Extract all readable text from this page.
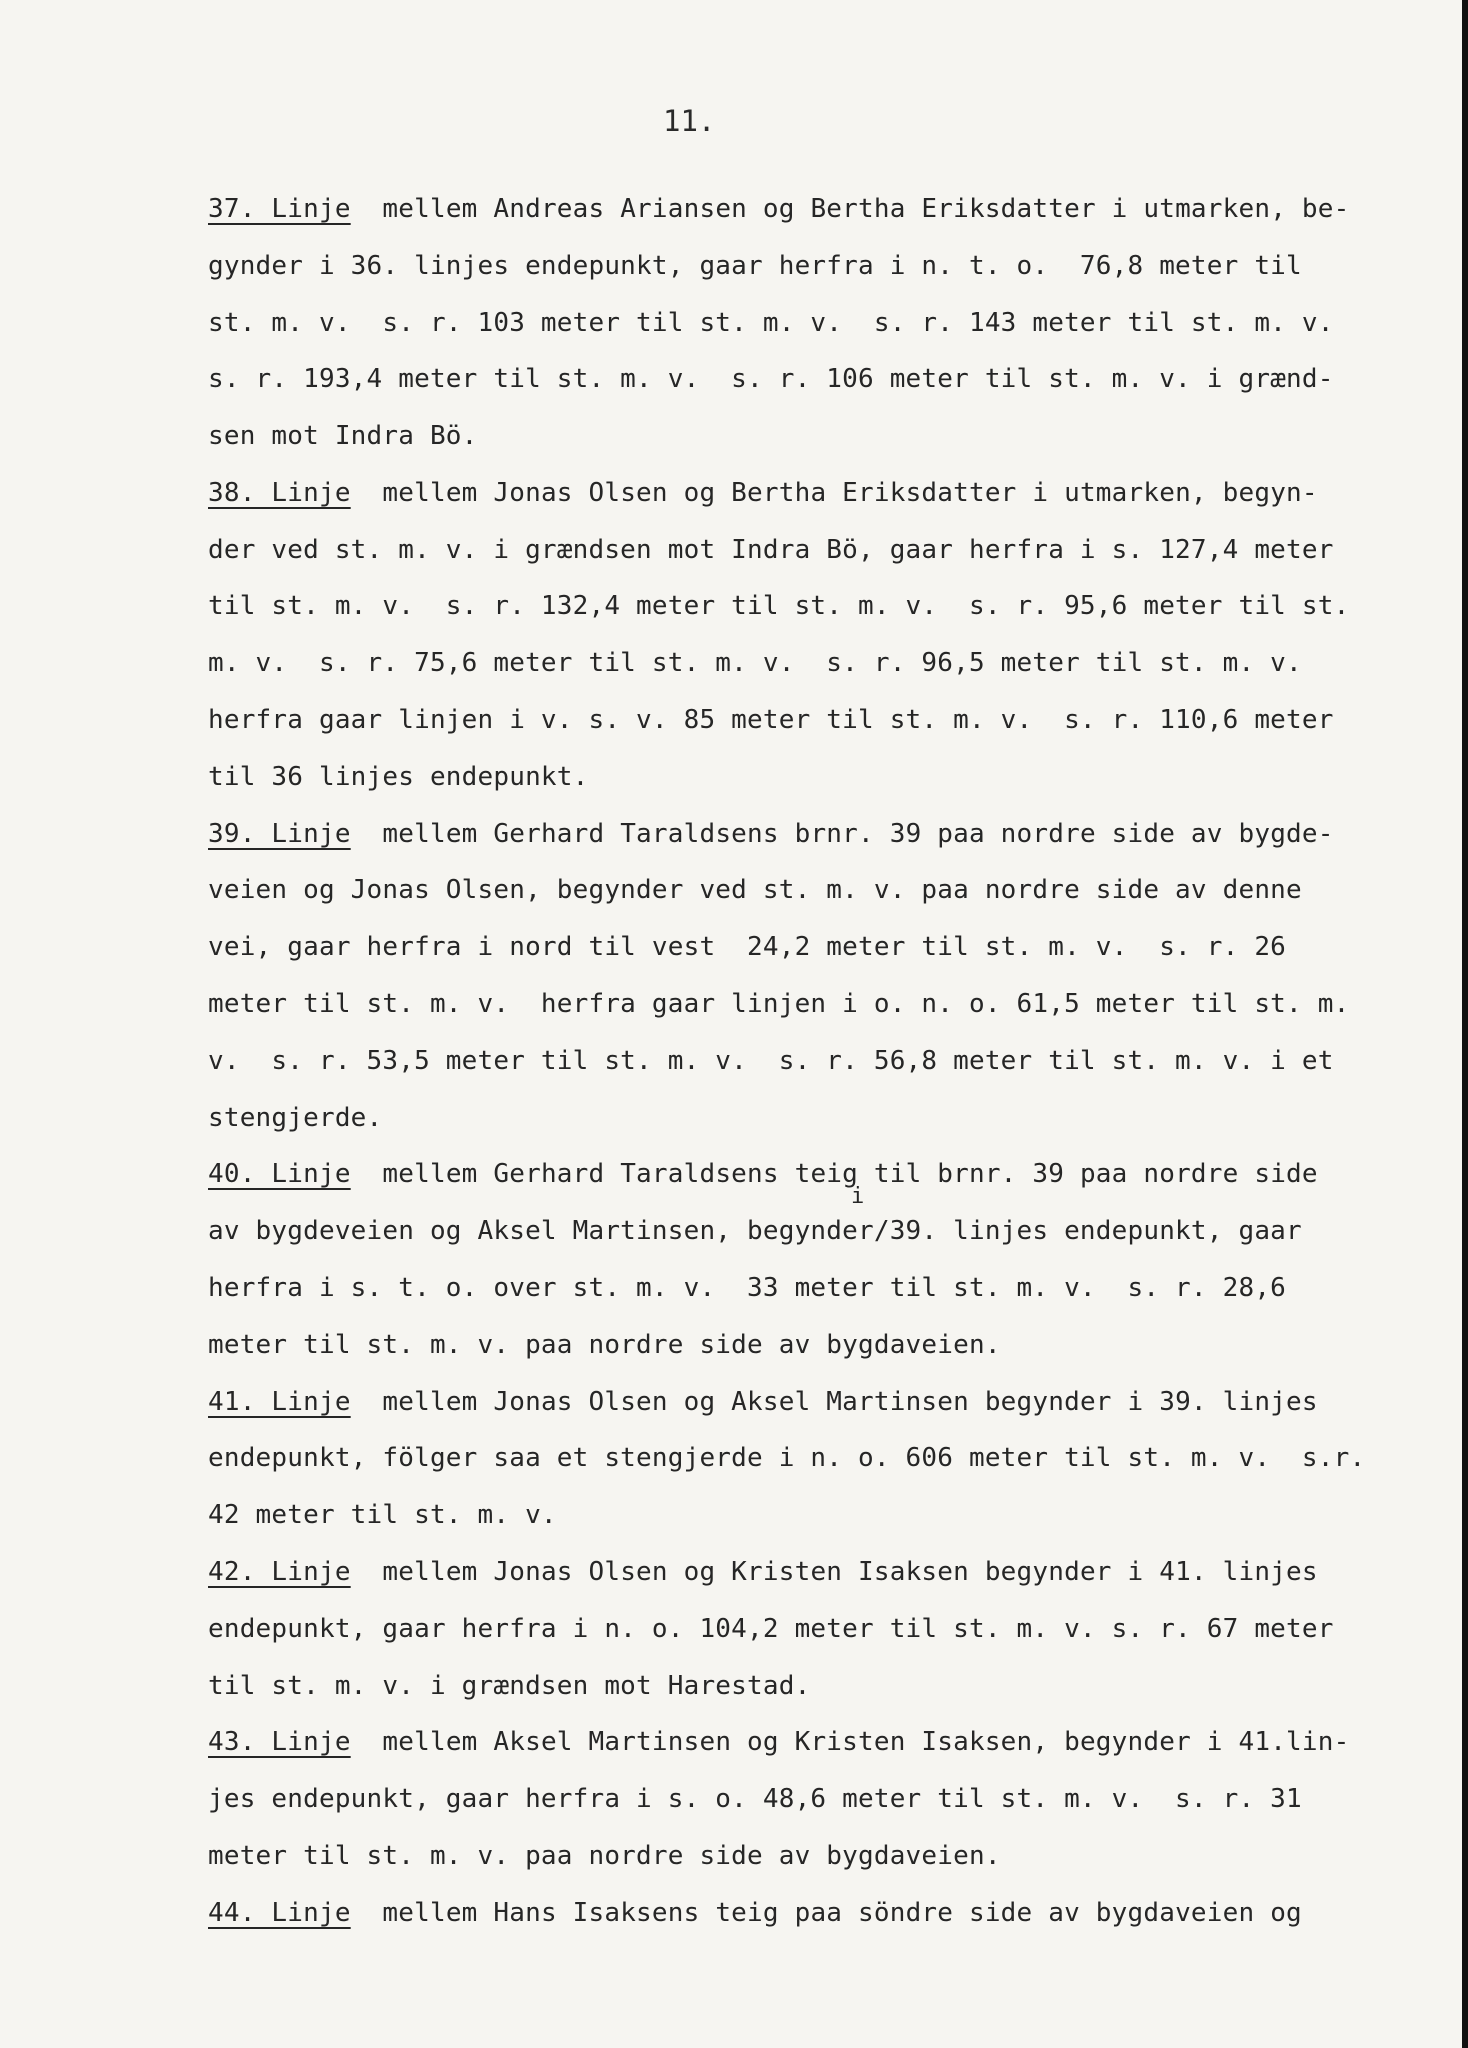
11.
37. Linje mellem Andreas Ariansen og Bertha Eriksdatter i utmarken, be-
gynder i 36. linjes endepunkt, gaar herfra i n. t. o.  76,8 meter til
st. m. v.  s. r. 103 meter til st. m. v.  s. r. 143 meter til st. m. v.
s. r. 193,4 meter til st. m. v.  s. r. 106 meter til st. m. v. i grænd-
sen mot Indra Bö.
38. Linje mellem Jonas Olsen og Bertha Eriksdatter i utmarken, begyn-
der ved st. m. v. i grændsen mot Indra Bö, gaar herfra i s. 127,4 meter
til st. m. v.  s. r. 132,4 meter til st. m. v.  s. r. 95,6 meter til st.
m. v.  s. r. 75,6 meter til st. m. v.  s. r. 96,5 meter til st. m. v.
herfra gaar linjen i v. s. v. 85 meter til st. m. v.  s. r. 110,6 meter
til 36 linjes endepunkt.
39. Linje mellem Gerhard Taraldsens brnr. 39 paa nordre side av bygde-
veien og Jonas Olsen, begynder ved st. m. v. paa nordre side av denne
vei, gaar herfra i nord til vest  24,2 meter til st. m. v.  s. r. 26
meter til st. m. v.  herfra gaar linjen i o. n. o. 61,5 meter til st. m.
v.  s. r. 53,5 meter til st. m. v.  s. r. 56,8 meter til st. m. v. i et
stengjerde.
40. Linje mellem Gerhard Taraldsens teig til brnr. 39 paa nordre side
i
av bygdeveien og Aksel Martinsen, begynder/39. linjes endepunkt, gaar
herfra i s. t. o. over st. m. v.  33 meter til st. m. v.  s. r. 28,6
meter til st. m. v. paa nordre side av bygdaveien.
41. Linje mellem Jonas Olsen og Aksel Martinsen begynder i 39. linjes
endepunkt, fölger saa et stengjerde i n. o. 606 meter til st. m. v.  s.r.
42 meter til st. m. v.
42. Linje mellem Jonas Olsen og Kristen Isaksen begynder i 41. linjes
endepunkt, gaar herfra i n. o. 104,2 meter til st. m. v. s. r. 67 meter
til st. m. v. i grændsen mot Harestad.
43. Linje mellem Aksel Martinsen og Kristen Isaksen, begynder i 41.lin-
jes endepunkt, gaar herfra i s. o. 48,6 meter til st. m. v.  s. r. 31
meter til st. m. v. paa nordre side av bygdaveien.
44. Linje mellem Hans Isaksens teig paa söndre side av bygdaveien og
